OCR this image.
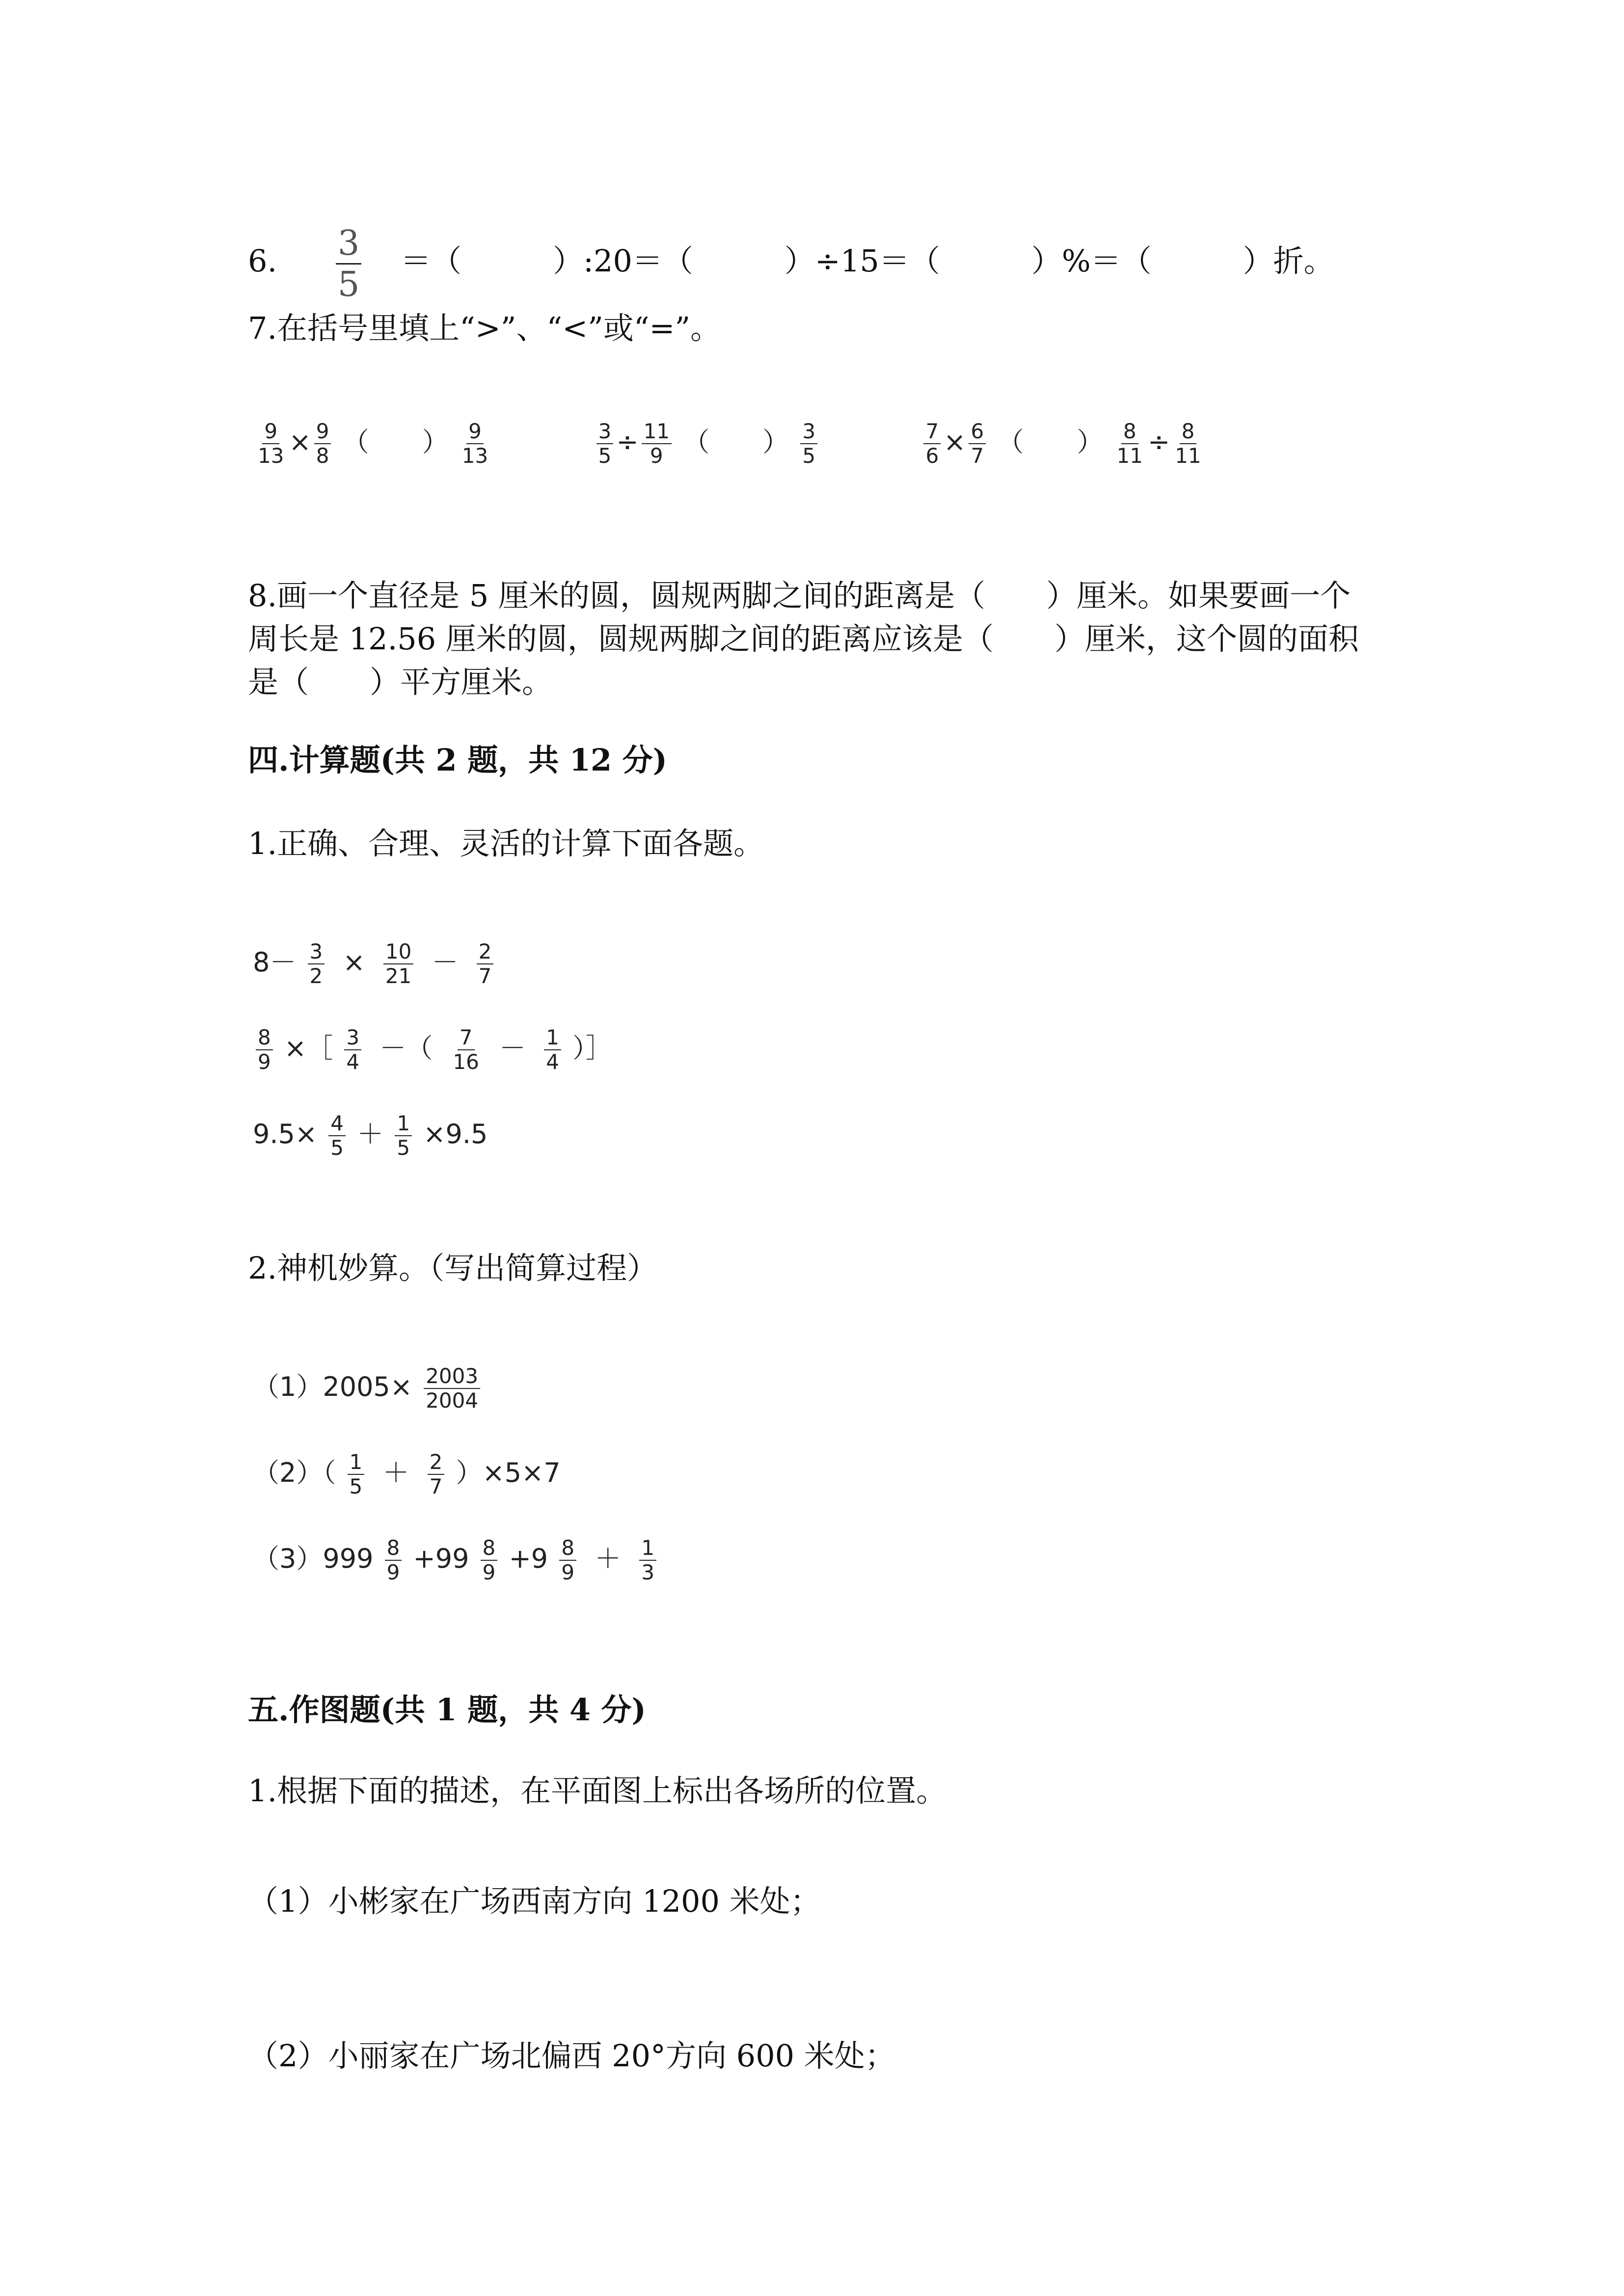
6. $\frac{3}{5}$ ＝（　　　）:20＝（　　　）÷15＝（　　　）%＝（　　　）折。
7.在括号里填上“>”、“<”或“=”。
$\frac{9}{13} \times \frac{9}{8}$ （　　） $\frac{9}{13}$
	$\frac{3}{5} \div \frac{11}{9}$ （　　） $\frac{3}{5}$
	$\frac{7}{6} \times \frac{6}{7}$ （　　） $\frac{8}{11} \div \frac{8}{11}$
8.画一个直径是 5 厘米的圆，圆规两脚之间的距离是（　　）厘米。如果要画一个周长是 12.56 厘米的圆，圆规两脚之间的距离应该是（　　）厘米，这个圆的面积是（　　）平方厘米。
四.计算题(共 2 题，共 12 分)
1.正确、合理、灵活的计算下面各题。
$8- \frac{3}{2} \times \frac{10}{21} - \frac{2}{7}$
$\frac{8}{9}$ ×［ $\frac{3}{4}$ －（ $\frac{7}{16} - \frac{1}{4}$ ）］
$9.5\times \frac{4}{5} + \frac{1}{5} \times 9.5$
2.神机妙算。（写出简算过程）
$(1)2005\times \frac{2003}{2004}$
$(2)( \frac{1}{5} + \frac{2}{7} )\times 5\times 7$
$(3)999 \frac{8}{9} +99 \frac{8}{9} +9 \frac{8}{9} + \frac{1}{3}$
五.作图题(共 1 题，共 4 分)
1.根据下面的描述，在平面图上标出各场所的位置。
（1）小彬家在广场西南方向 1200 米处；
（2）小丽家在广场北偏西 20°方向 600 米处；
